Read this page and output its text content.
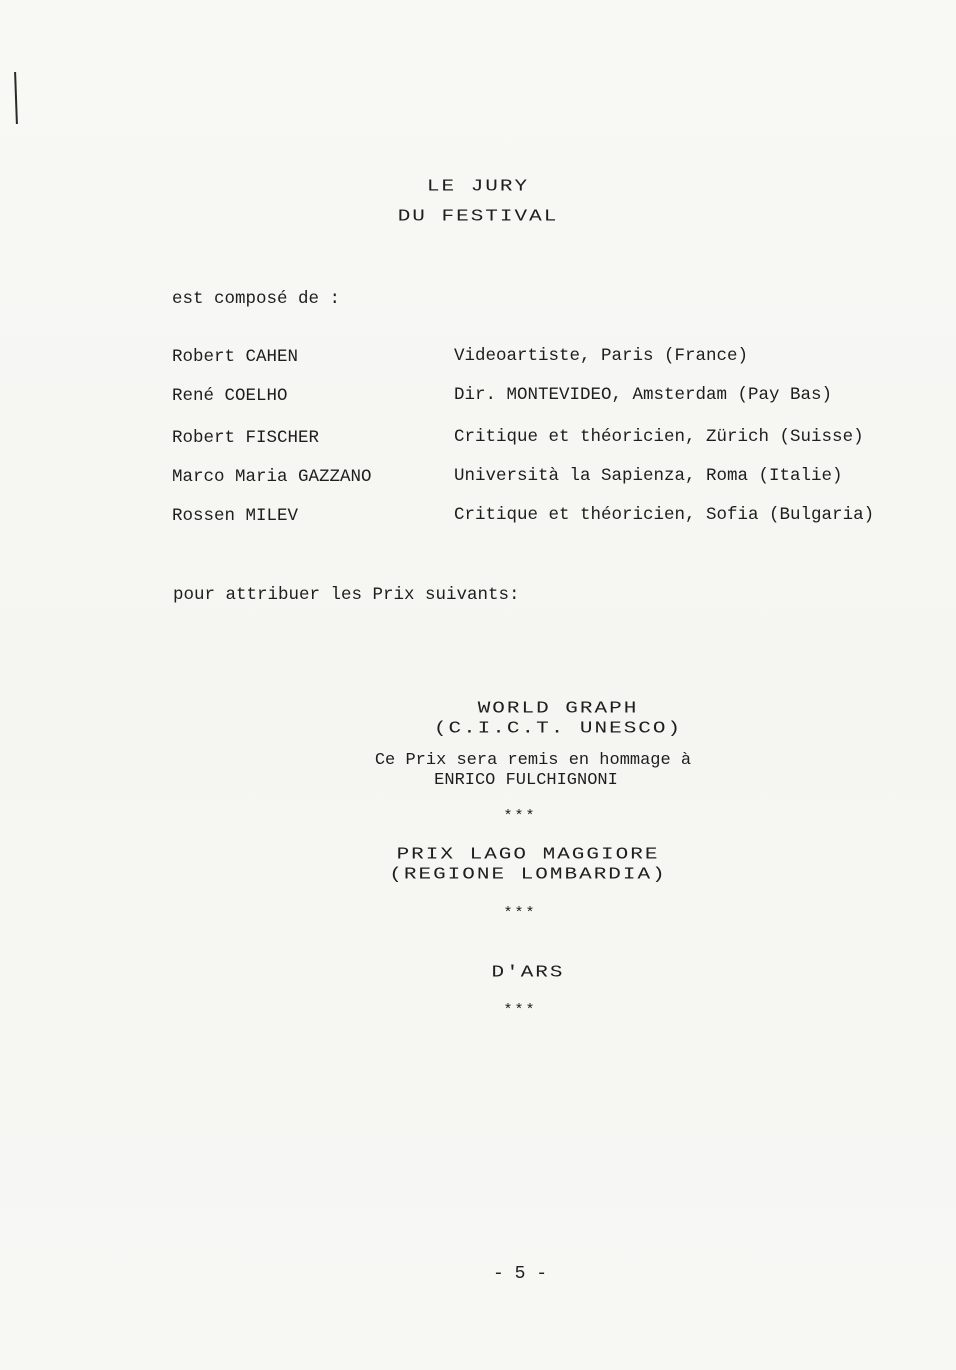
LE JURY
DU FESTIVAL
est composé de :
Robert CAHEN	Videoartiste, Paris (France)
René COELHO	Dir. MONTEVIDEO, Amsterdam (Pay Bas)
Robert FISCHER	Critique et théoricien, Zürich (Suisse)
Marco Maria GAZZANO	Università la Sapienza, Roma (Italie)
Rossen MILEV	Critique et théoricien, Sofia (Bulgaria)
pour attribuer les Prix suivants:
WORLD GRAPH
(C.I.C.T. UNESCO)
Ce Prix sera remis en hommage à
ENRICO FULCHIGNONI
***
PRIX LAGO MAGGIORE
(REGIONE LOMBARDIA)
***
D'ARS
***
- 5 -
